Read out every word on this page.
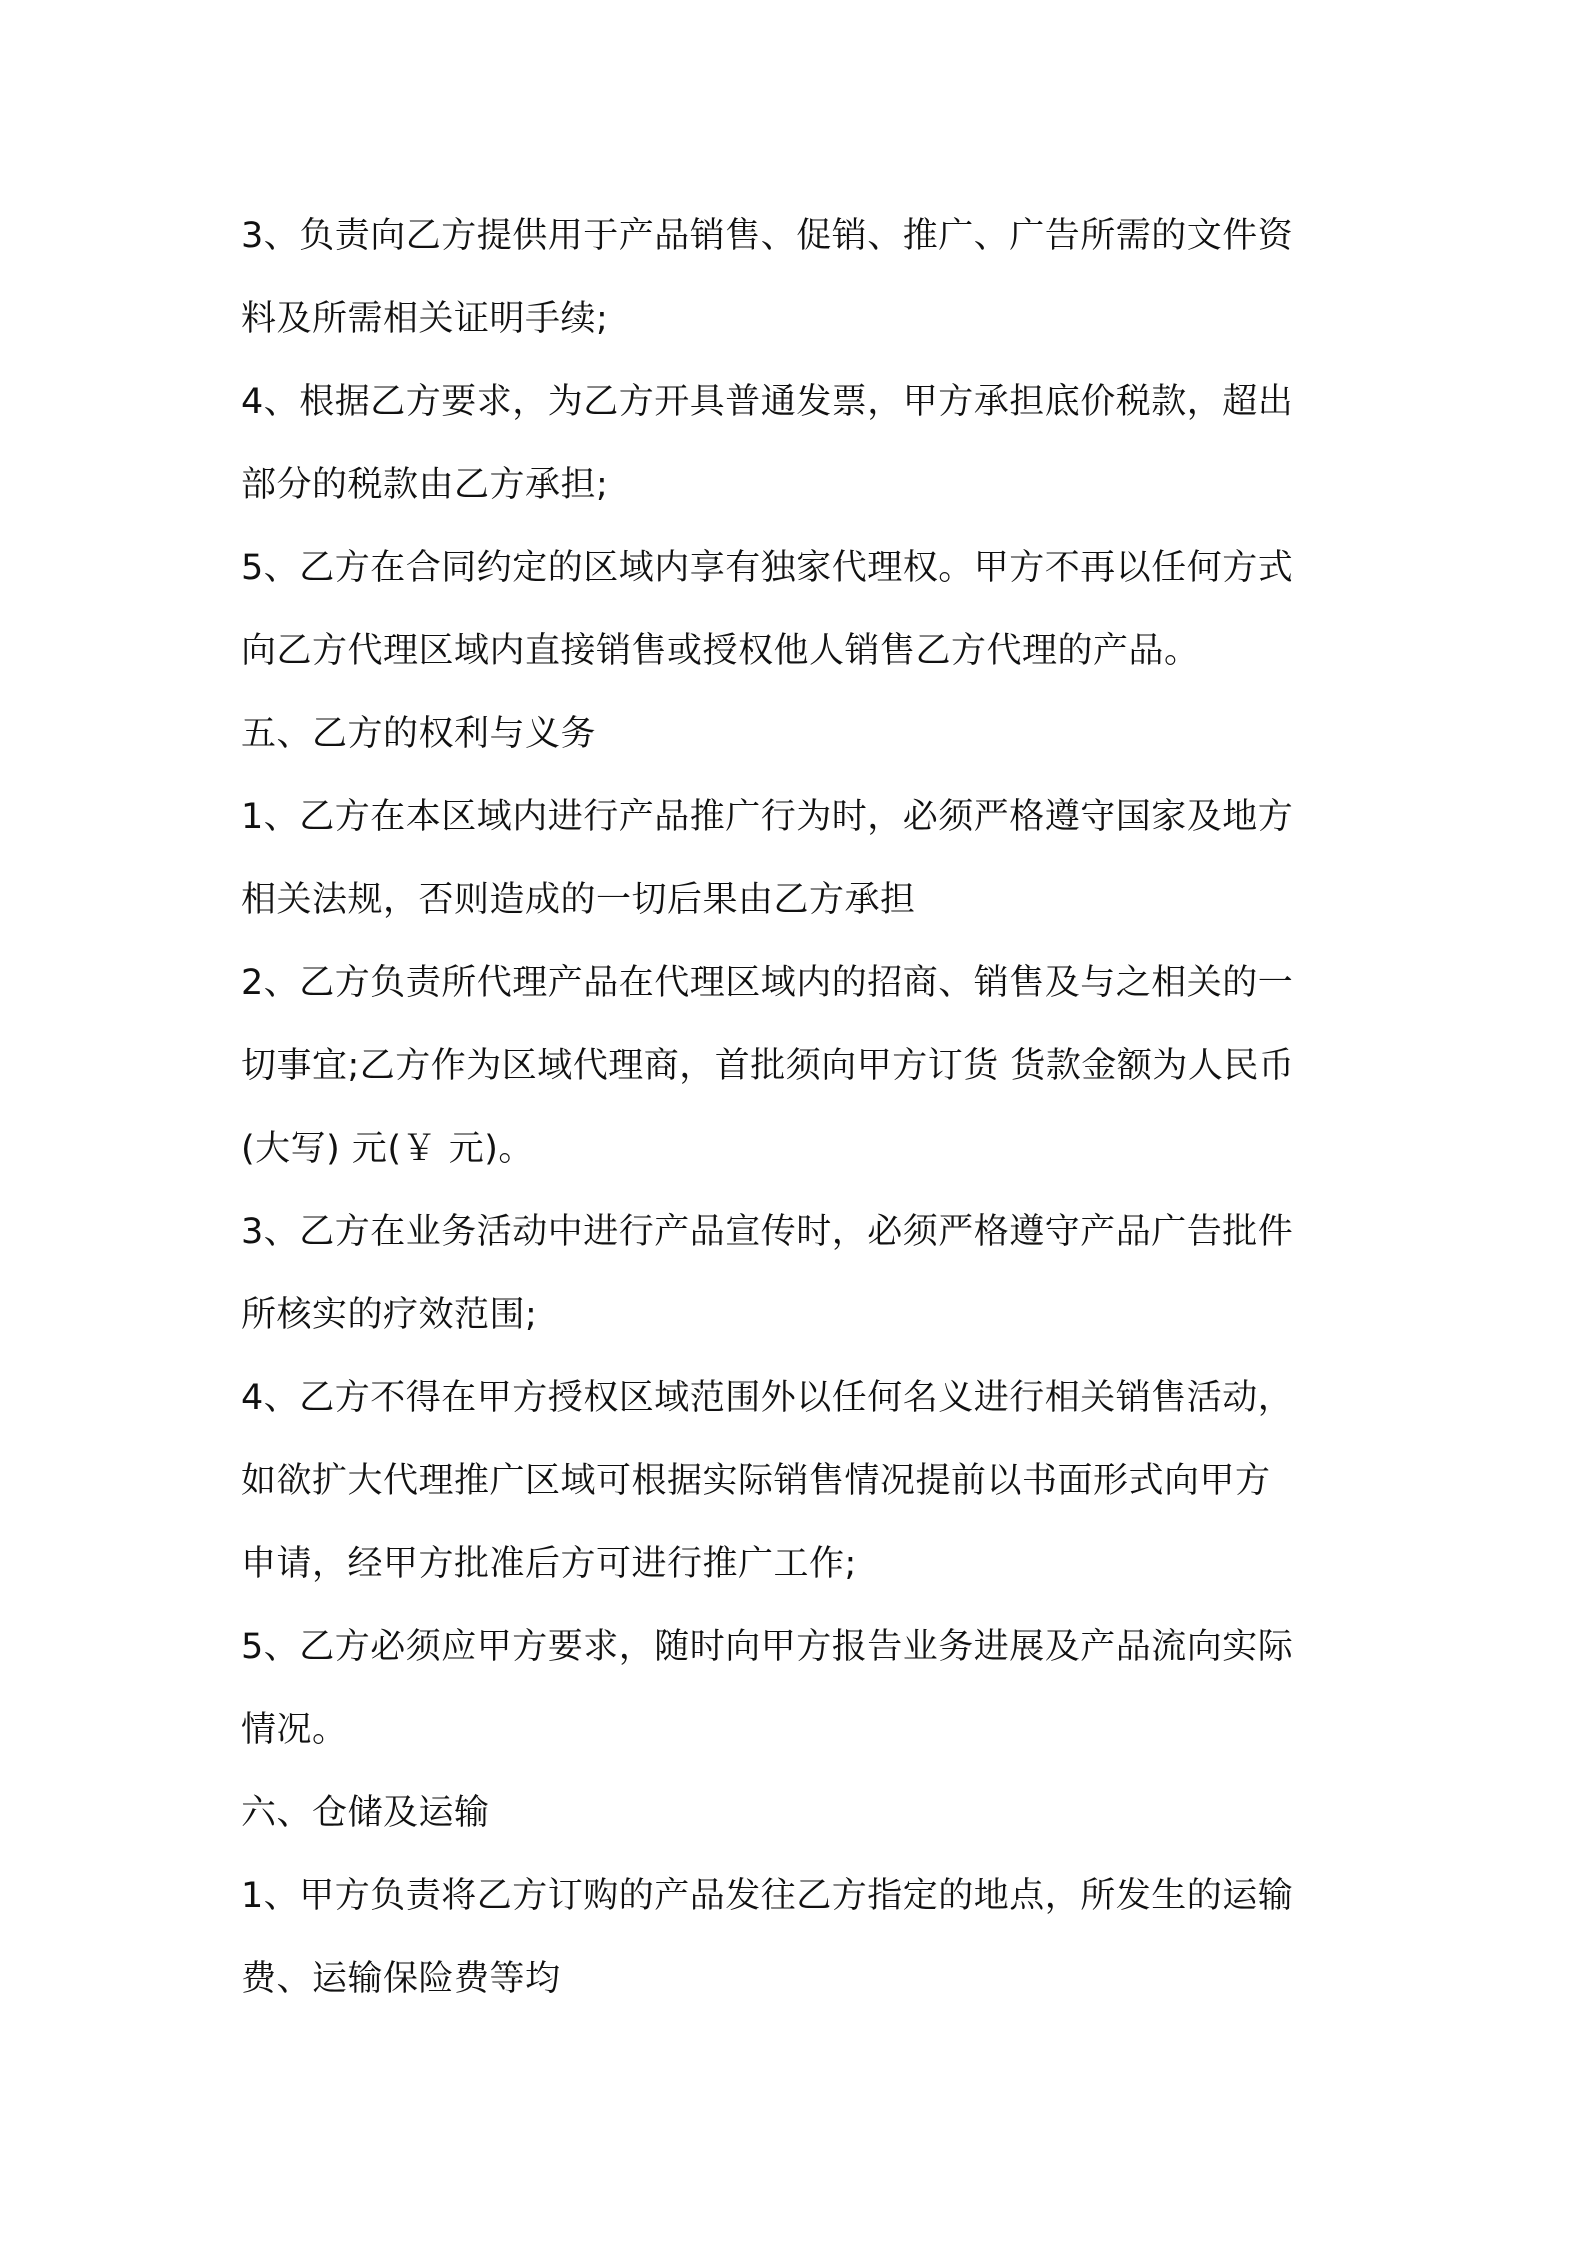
3、负责向乙方提供用于产品销售、促销、推广、广告所需的文件资
料及所需相关证明手续;
4、根据乙方要求，为乙方开具普通发票，甲方承担底价税款，超出
部分的税款由乙方承担;
5、乙方在合同约定的区域内享有独家代理权。甲方不再以任何方式
向乙方代理区域内直接销售或授权他人销售乙方代理的产品。
五、乙方的权利与义务
1、乙方在本区域内进行产品推广行为时，必须严格遵守国家及地方
相关法规，否则造成的一切后果由乙方承担
2、乙方负责所代理产品在代理区域内的招商、销售及与之相关的一
切事宜;乙方作为区域代理商，首批须向甲方订货 货款金额为人民币
(大写) 元(￥ 元)。
3、乙方在业务活动中进行产品宣传时，必须严格遵守产品广告批件
所核实的疗效范围;
4、乙方不得在甲方授权区域范围外以任何名义进行相关销售活动，
如欲扩大代理推广区域可根据实际销售情况提前以书面形式向甲方
申请，经甲方批准后方可进行推广工作;
5、乙方必须应甲方要求，随时向甲方报告业务进展及产品流向实际
情况。
六、仓储及运输
1、甲方负责将乙方订购的产品发往乙方指定的地点，所发生的运输
费、运输保险费等均
